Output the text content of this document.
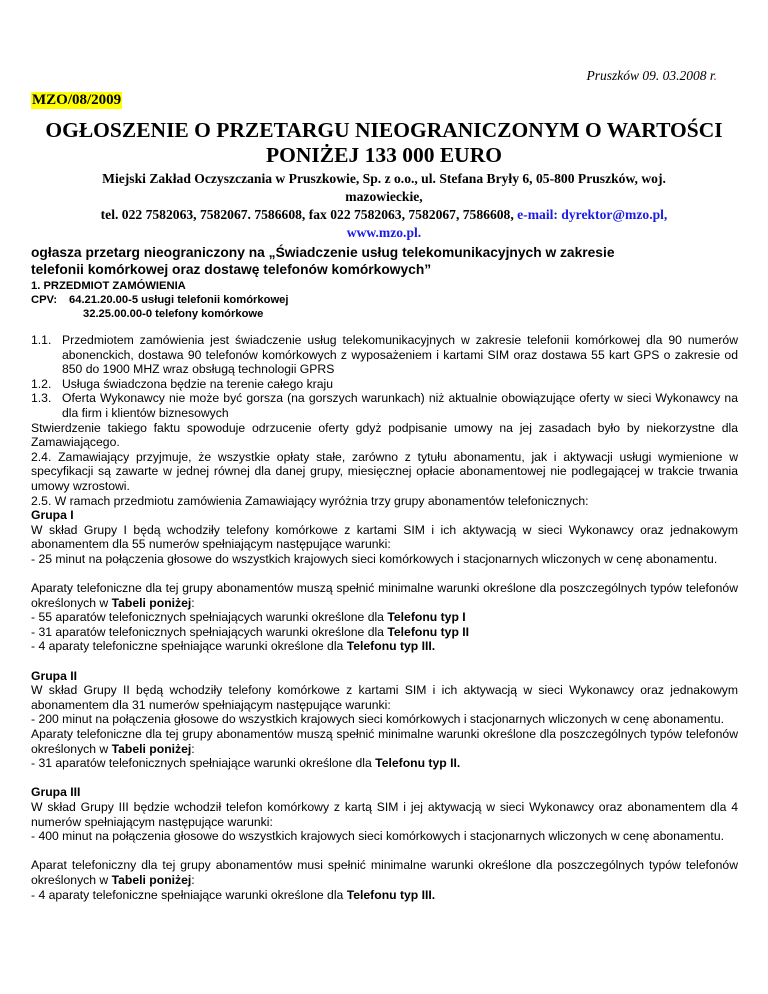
Pruszków 09. 03.2008 r.
MZO/08/2009
OGŁOSZENIE O PRZETARGU NIEOGRANICZONYM O WARTOŚCI
PONIŻEJ 133 000 EURO
Miejski Zakład Oczyszczania w Pruszkowie, Sp. z o.o., ul. Stefana Bryły 6, 05-800 Pruszków, woj.
mazowieckie,
tel. 022 7582063, 7582067. 7586608, fax 022 7582063, 7582067, 7586608, e-mail: dyrektor@mzo.pl,
www.mzo.pl.
ogłasza przetarg nieograniczony na „Świadczenie usług telekomunikacyjnych w zakresie
telefonii komórkowej oraz dostawę telefonów komórkowych”
1. PRZEDMIOT ZAMÓWIENIA
CPV: 64.21.20.00-5 usługi telefonii komórkowej
32.25.00.00-0 telefony komórkowe
1.1. Przedmiotem zamówienia jest świadczenie usług telekomunikacyjnych w zakresie telefonii komórkowej dla 90 numerów abonenckich, dostawa 90 telefonów komórkowych z wyposażeniem i kartami SIM oraz dostawa 55 kart GPS o zakresie od 850 do 1900 MHZ wraz obsługą technologii GPRS
1.2. Usługa świadczona będzie na terenie całego kraju
1.3. Oferta Wykonawcy nie może być gorsza (na gorszych warunkach) niż aktualnie obowiązujące oferty w sieci Wykonawcy na dla firm i klientów biznesowych

Stwierdzenie takiego faktu spowoduje odrzucenie oferty gdyż podpisanie umowy na jej zasadach było by niekorzystne dla Zamawiającego.

2.4. Zamawiający przyjmuje, że wszystkie opłaty stałe, zarówno z tytułu abonamentu, jak i aktywacji usługi wymienione w specyfikacji są zawarte w jednej równej dla danej grupy, miesięcznej opłacie abonamentowej nie podlegającej w trakcie trwania umowy wzrostowi.

2.5. W ramach przedmiotu zamówienia Zamawiający wyróżnia trzy grupy abonamentów telefonicznych:

Grupa I

W skład Grupy I będą wchodziły telefony komórkowe z kartami SIM i ich aktywacją w sieci Wykonawcy oraz jednakowym abonamentem dla 55 numerów spełniającym następujące warunki:

- 25 minut na połączenia głosowe do wszystkich krajowych sieci komórkowych i stacjonarnych wliczonych w cenę abonamentu.

Aparaty telefoniczne dla tej grupy abonamentów muszą spełnić minimalne warunki określone dla poszczególnych typów telefonów określonych w Tabeli poniżej:

- 55 aparatów telefonicznych spełniających warunki określone dla Telefonu typ I

- 31 aparatów telefonicznych spełniających warunki określone dla Telefonu typ II

- 4 aparaty telefoniczne spełniające warunki określone dla Telefonu typ III.

Grupa II

W skład Grupy II będą wchodziły telefony komórkowe z kartami SIM i ich aktywacją w sieci Wykonawcy oraz jednakowym abonamentem dla 31 numerów spełniającym następujące warunki:

- 200 minut na połączenia głosowe do wszystkich krajowych sieci komórkowych i stacjonarnych wliczonych w cenę abonamentu.

Aparaty telefoniczne dla tej grupy abonamentów muszą spełnić minimalne warunki określone dla poszczególnych typów telefonów określonych w Tabeli poniżej:

- 31 aparatów telefonicznych spełniające warunki określone dla Telefonu typ II.

Grupa III

W skład Grupy III będzie wchodził telefon komórkowy z kartą SIM i jej aktywacją w sieci Wykonawcy oraz abonamentem dla 4 numerów spełniającym następujące warunki:

- 400 minut na połączenia głosowe do wszystkich krajowych sieci komórkowych i stacjonarnych wliczonych w cenę abonamentu.

Aparat telefoniczny dla tej grupy abonamentów musi spełnić minimalne warunki określone dla poszczególnych typów telefonów określonych w Tabeli poniżej:

- 4 aparaty telefoniczne spełniające warunki określone dla Telefonu typ III.
